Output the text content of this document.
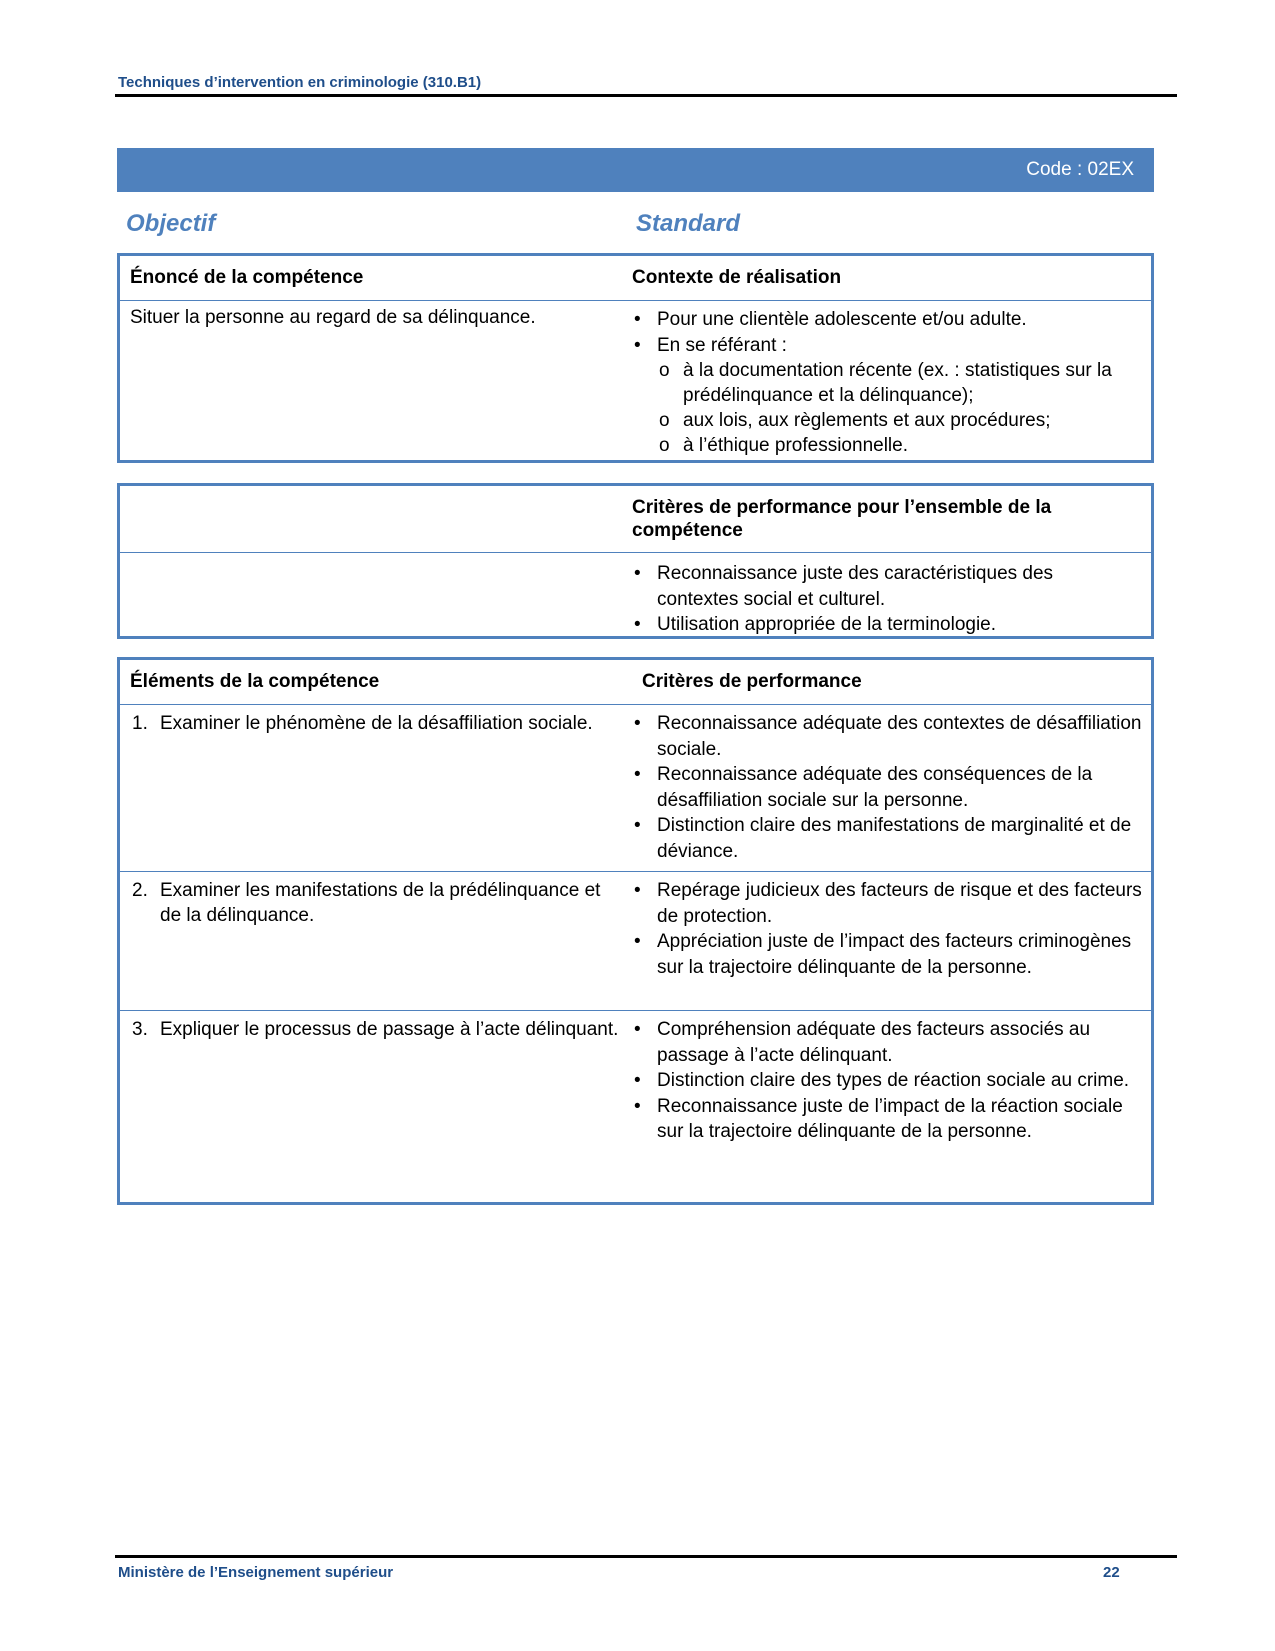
Techniques d’intervention en criminologie (310.B1)
Code : 02EX
Objectif	Standard
Énoncé de la compétence	Contexte de réalisation
Situer la personne au regard de sa délinquance.	• Pour une clientèle adolescente et/ou adulte.
• En se référant :
o à la documentation récente (ex. : statistiques sur la prédélinquance et la délinquance);
o aux lois, aux règlements et aux procédures;
o à l’éthique professionnelle.
Critères de performance pour l’ensemble de la compétence
• Reconnaissance juste des caractéristiques des contextes social et culturel.
• Utilisation appropriée de la terminologie.
Éléments de la compétence	Critères de performance
1. Examiner le phénomène de la désaffiliation sociale.	• Reconnaissance adéquate des contextes de désaffiliation sociale.
• Reconnaissance adéquate des conséquences de la désaffiliation sociale sur la personne.
• Distinction claire des manifestations de marginalité et de déviance.
2. Examiner les manifestations de la prédélinquance et de la délinquance.
• Repérage judicieux des facteurs de risque et des facteurs de protection.
• Appréciation juste de l’impact des facteurs criminogènes sur la trajectoire délinquante de la personne.
3. Expliquer le processus de passage à l’acte délinquant.	• Compréhension adéquate des facteurs associés au passage à l’acte délinquant.
• Distinction claire des types de réaction sociale au crime.
• Reconnaissance juste de l’impact de la réaction sociale sur la trajectoire délinquante de la personne.
Ministère de l’Enseignement supérieur	22
